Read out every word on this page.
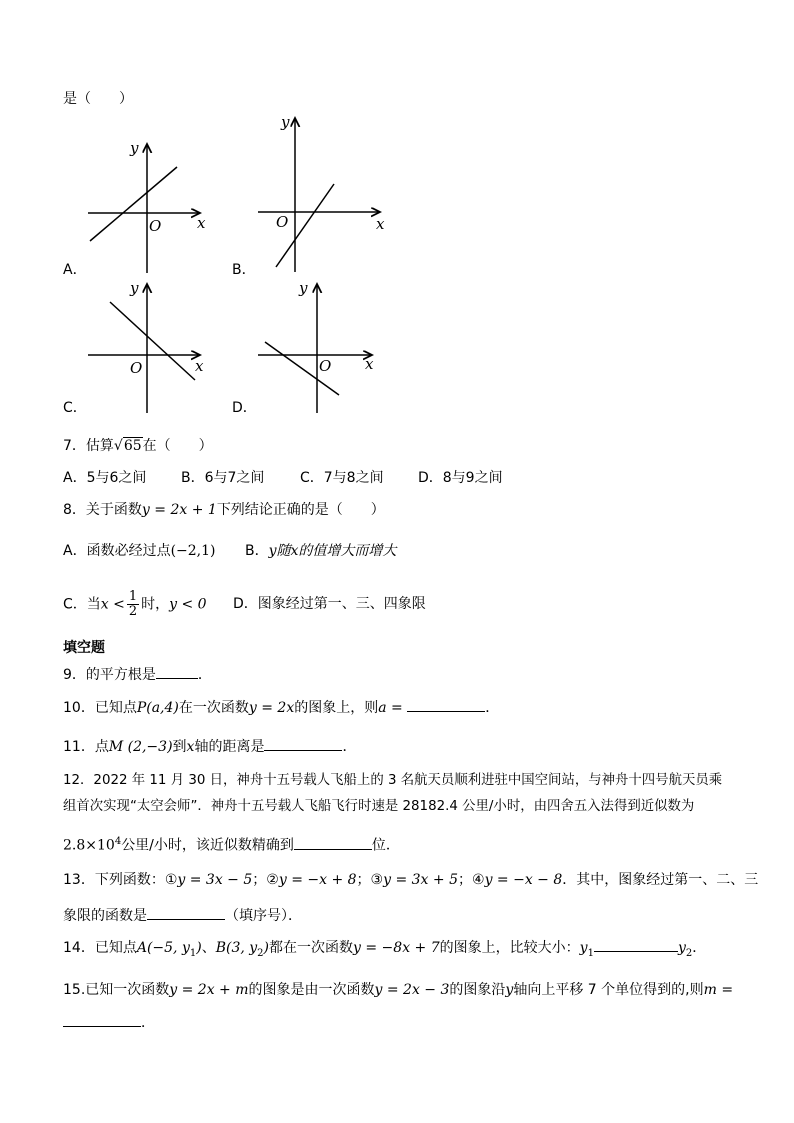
是（　　）
y
x
O
A．
y
x
O
B．
y
x
O
C．
y
x
O
D．
7．估算√65在（　　）
A．5与6之间 B．6与7之间	C．7与8之间 D．8与9之间
8．关于函数y = 2x + 1下列结论正确的是（　　）
A．函数必经过点(−2,1) B．y随x的值增大而增大
C．当$x < \frac{1}{2}$ 时，y < 0 D．图象经过第一、三、四象限
填空题
9．的平方根是	．
10．已知点P(a,4)在一次函数y = 2x的图象上，则a =	．
11．点M (2,−3)到x轴的距离是	．
12．2022 年 11 月 30 日，神舟十五号载人飞船上的 3 名航天员顺利进驻中国空间站，与神舟十四号航天员乘
组首次实现“太空会师”．神舟十五号载人飞船飞行时速是 28182.4 公里/小时，由四舍五入法得到近似数为
$2.8\times 10^4$公里/小时，该近似数精确到	位．
13．下列函数：①y = 3x − 5；②y = −x + 8；③y = 3x + 5；④y = −x − 8．其中，图象经过第一、二、三
象限的函数是	（填序号）．
14．已知点A(−5, $y_1$)、B(3, $y_2$)都在一次函数y = −8x + 7的图象上，比较大小：$y_1$	$y_2$．
15.已知一次函数y = 2x + m的图象是由一次函数y = 2x − 3的图象沿y轴向上平移 7 个单位得到的,则m =
．
